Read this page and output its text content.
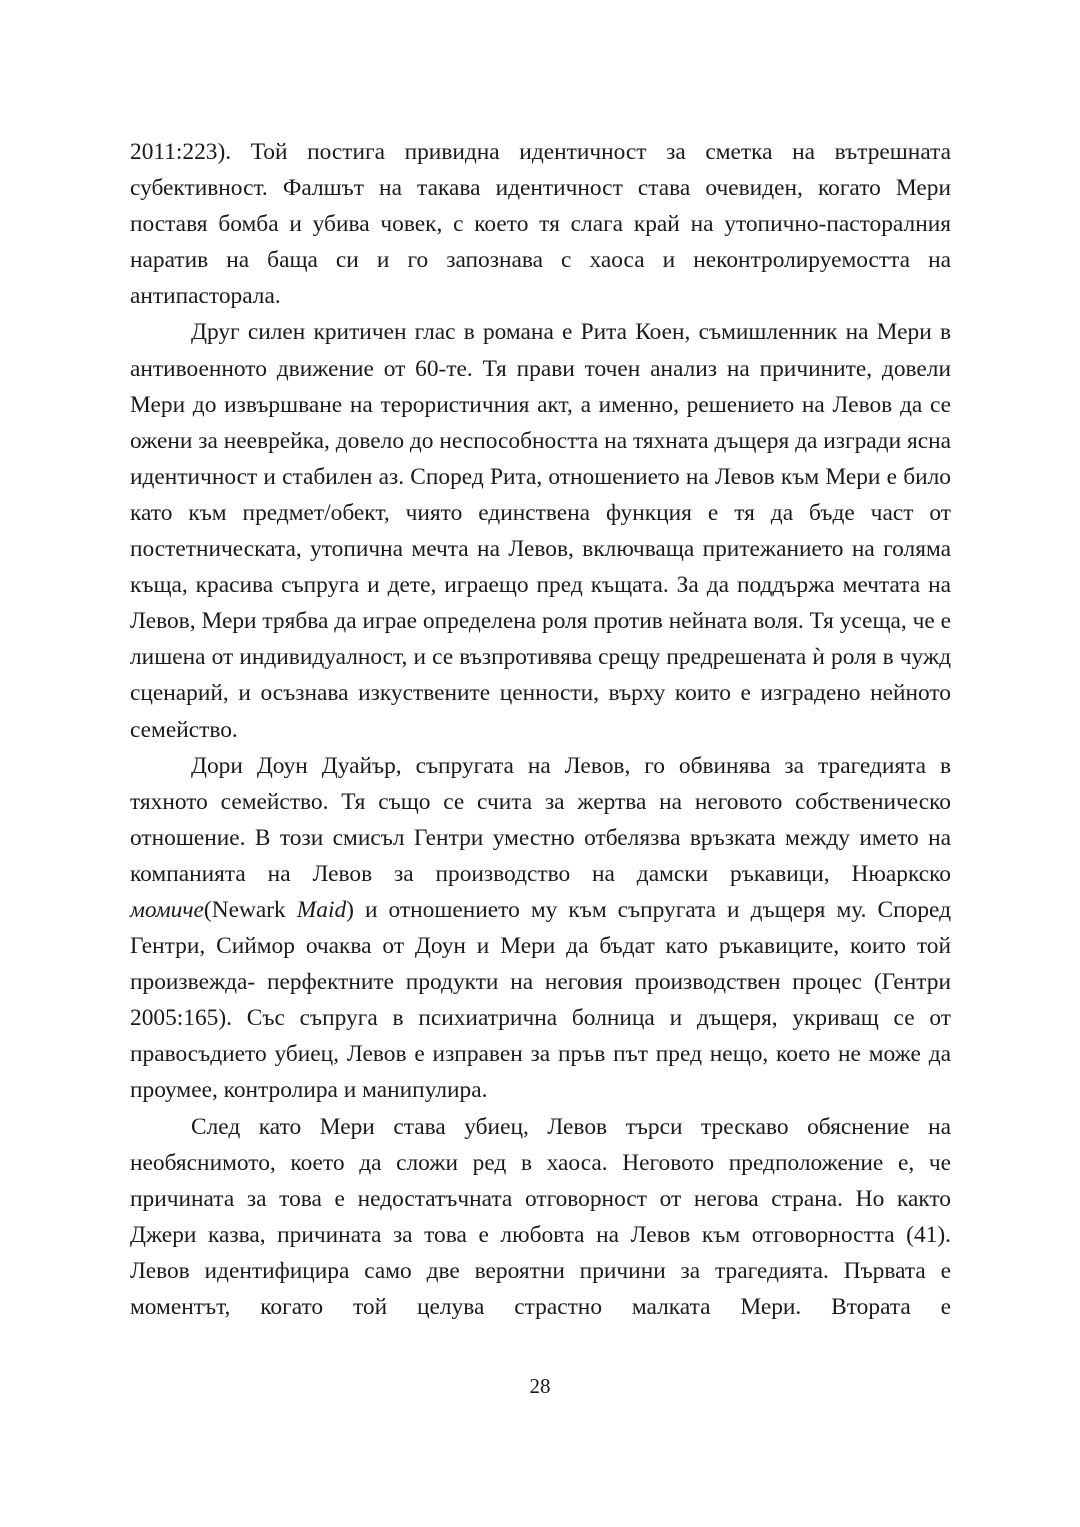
2011:223). Той постига привидна идентичност за сметка на вътрешната субективност. Фалшът на такава идентичност става очевиден, когато Мери поставя бомба и убива човек, с което тя слага край на утопично-пасторалния наратив на баща си и го запознава с хаоса и неконтролируемостта на антипасторала.

Друг силен критичен глас в романа е Рита Коен, съмишленник на Мери в антивоенното движение от 60-те. Тя прави точен анализ на причините, довели Мери до извършване на терористичния акт, а именно, решението на Левов да се ожени за нееврейка, довело до неспособността на тяхната дъщеря да изгради ясна идентичност и стабилен аз. Според Рита, отношението на Левов към Мери е било като към предмет/обект, чиято единствена функция е тя да бъде част от постетническата, утопична мечта на Левов, включваща притежанието на голяма къща, красива съпруга и дете, играещо пред къщата. За да поддържа мечтата на Левов, Мери трябва да играе определена роля против нейната воля. Тя усеща, че е лишена от индивидуалност, и се възпротивява срещу предрешената ѝ роля в чужд сценарий, и осъзнава изкуствените ценности, върху които е изградено нейното семейство.

Дори Доун Дуайър, съпругата на Левов, го обвинява за трагедията в тяхното семейство. Тя също се счита за жертва на неговото собственическо отношение. В този смисъл Гентри уместно отбелязва връзката между името на компанията на Левов за производство на дамски ръкавици, Нюаркско момиче(Newark Maid) и отношението му към съпругата и дъщеря му. Според Гентри, Сиймор очаква от Доун и Мери да бъдат като ръкавиците, които той произвежда- перфектните продукти на неговия производствен процес (Гентри 2005:165). Със съпруга в психиатрична болница и дъщеря, укриващ се от правосъдието убиец, Левов е изправен за пръв път пред нещо, което не може да проумее, контролира и манипулира.

След като Мери става убиец, Левов търси трескаво обяснение на необяснимото, което да сложи ред в хаоса. Неговото предположение е, че причината за това е недостатъчната отговорност от негова страна. Но както Джери казва, причината за това е любовта на Левов към отговорността (41). Левов идентифицира само две вероятни причини за трагедията. Първата е моментът, когато той целува страстно малката Мери. Втората е

28
